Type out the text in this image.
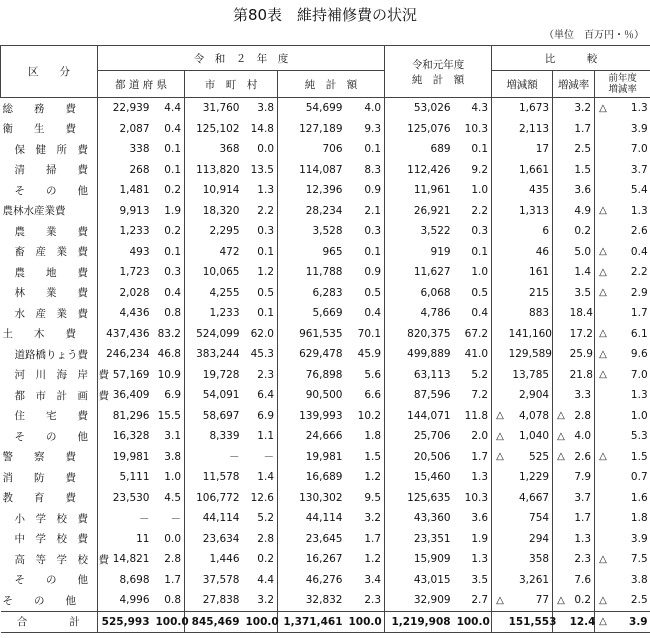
第80表　維持補修費の状況
（単位　百万円・％）
区　　分	令　和　２　年　度						令和元年度
純　計　額		比　　　較					
	都 道 府 県		市　町　村		純　計　額				増減額		増減率		前年度
増減率	

総　　務　　費	22,939	4.4	31,760	3.8	54,699	4.0	53,026	4.3		1,673		3.2	△	1.3
衛　　生　　費	2,087	0.4	125,102	14.8	127,189	9.3	125,076	10.3		2,113		1.7		3.9
保　健　所　費	338	0.1	368	0.0	706	0.1	689	0.1		17		2.5		7.0
清　　掃　　費	268	0.1	113,820	13.5	114,087	8.3	112,426	9.2		1,661		1.5		3.7
そ　　の　　他	1,481	0.2	10,914	1.3	12,396	0.9	11,961	1.0		435		3.6		5.4
農林水産業費	9,913	1.9	18,320	2.2	28,234	2.1	26,921	2.2		1,313		4.9	△	1.3
農　　業　　費	1,233	0.2	2,295	0.3	3,528	0.3	3,522	0.3		6		0.2		2.6
畜　産　業　費	493	0.1	472	0.1	965	0.1	919	0.1		46		5.0	△	0.4
農　　地　　費	1,723	0.3	10,065	1.2	11,788	0.9	11,627	1.0		161		1.4	△	2.2
林　　業　　費	2,028	0.4	4,255	0.5	6,283	0.5	6,068	0.5		215		3.5	△	2.9
水　産　業　費	4,436	0.8	1,233	0.1	5,669	0.4	4,786	0.4		883		18.4		1.7
土　　木　　費	437,436	83.2	524,099	62.0	961,535	70.1	820,375	67.2		141,160		17.2	△	6.1
道路橋りょう費	246,234	46.8	383,244	45.3	629,478	45.9	499,889	41.0		129,589		25.9	△	9.6
河　川　海　岸　費	57,169	10.9	19,728	2.3	76,898	5.6	63,113	5.2		13,785		21.8	△	7.0
都　市　計　画　費	36,409	6.9	54,091	6.4	90,500	6.6	87,596	7.2		2,904		3.3		1.3
住　　宅　　費	81,296	15.5	58,697	6.9	139,993	10.2	144,071	11.8	△	4,078	△	2.8		1.0
そ　　の　　他	16,328	3.1	8,339	1.1	24,666	1.8	25,706	2.0	△	1,040	△	4.0		5.3
警　　察　　費	19,981	3.8	－	－	19,981	1.5	20,506	1.7	△	525	△	2.6	△	1.5
消　　防　　費	5,111	1.0	11,578	1.4	16,689	1.2	15,460	1.3		1,229		7.9		0.7
教　　育　　費	23,530	4.5	106,772	12.6	130,302	9.5	125,635	10.3		4,667		3.7		1.6
小　学　校　費	－	－	44,114	5.2	44,114	3.2	43,360	3.6		754		1.7		1.8
中　学　校　費	11	0.0	23,634	2.8	23,645	1.7	23,351	1.9		294		1.3		3.9
高　等　学　校　費	14,821	2.8	1,446	0.2	16,267	1.2	15,909	1.3		358		2.3	△	7.5
そ　　の　　他	8,698	1.7	37,578	4.4	46,276	3.4	43,015	3.5		3,261		7.6		3.8
そ　　の　　他	4,996	0.8	27,838	3.2	32,832	2.3	32,909	2.7	△	77	△	0.2	△	2.5
合　　　　計	525,993	100.0	845,469	100.0	1,371,461	100.0	1,219,908	100.0		151,553		12.4	△	3.9
